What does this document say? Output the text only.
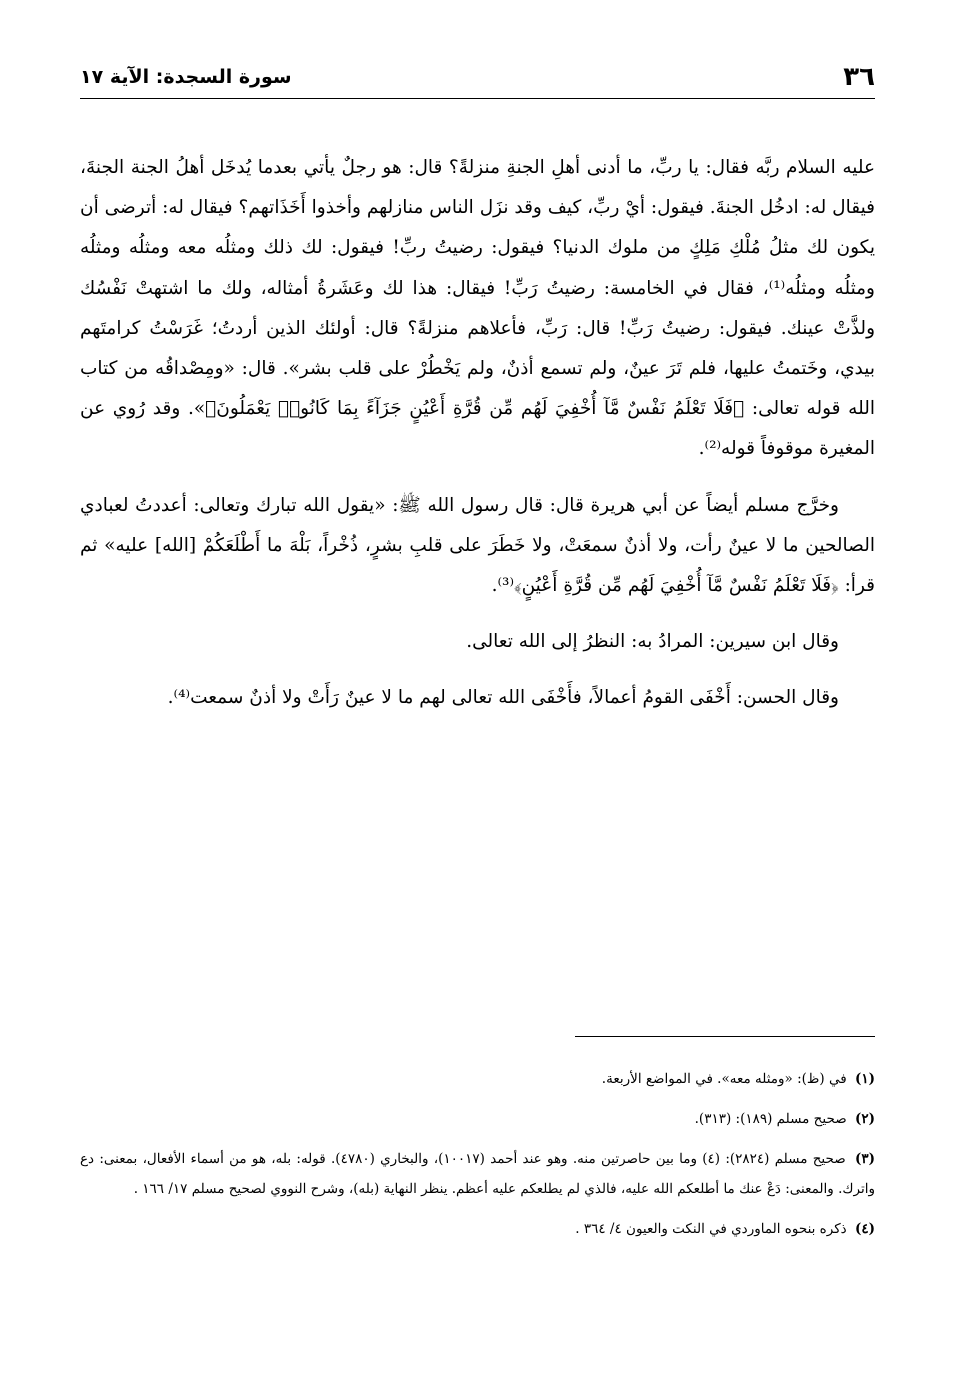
٣٦
سورة السجدة: الآية ١٧

عليه السلام ربَّه فقال: يا ربِّ، ما أدنى أهلِ الجنةِ منزلةً؟ قال: هو رجلٌ يأتي بعدما يُدخَل أهلُ الجنة الجنةَ، فيقال له: ادخُل الجنةَ. فيقول: أيْ ربِّ، كيف وقد نزَل الناس منازلهم وأخذوا أَخَذَاتهم؟ فيقال له: أترضى أن يكون لك مثلُ مُلْكِ مَلِكٍ من ملوك الدنيا؟ فيقول: رضيتُ ربِّ! فيقول: لك ذلك ومثلُه معه ومثلُه ومثلُه ومثلُه ومثلُه⁽¹⁾، فقال في الخامسة: رضيتُ رَبِّ! فيقال: هذا لك وعَشَرةُ أمثاله، ولك ما اشتهتْ نَفْسُك ولذَّتْ عينك. فيقول: رضيتُ رَبِّ! قال: رَبِّ، فأعلاهم منزلةً؟ قال: أولئك الذين أردتُ؛ غَرَسْتُ كرامتَهم بيدي، وخَتمتُ عليها، فلم تَرَ عينٌ، ولم تسمع أذنٌ، ولم يَخْطُرْ على قلب بشر». قال: «ومِصْداقُه من كتاب الله قوله تعالى: ﴿فَلَا تَعْلَمُ نَفْسٌ مَّآ أُخْفِيَ لَهُم مِّن قُرَّةِ أَعْيُنٍ جَزَآءً بِمَا كَانُوا۟ يَعْمَلُونَ﴾». وقد رُوي عن المغيرة موقوفاً قوله⁽²⁾.

وخرَّج مسلم أيضاً عن أبي هريرة قال: قال رسول الله ﷺ: «يقول الله تبارك وتعالى: أعددتُ لعبادي الصالحين ما لا عينٌ رأت، ولا أذنٌ سمعَتْ، ولا خَطَرَ على قلبِ بشرٍ، ذُخْراً، بَلْهَ ما أَطْلَعَكُمْ [الله] عليه» ثم قرأ: ﴿فَلَا تَعْلَمُ نَفْسٌ مَّآ أُخْفِيَ لَهُم مِّن قُرَّةِ أَعْيُنٍ﴾⁽³⁾.

وقال ابن سيرين: المرادُ به: النظرُ إلى الله تعالى.

وقال الحسن: أَخْفَى القومُ أعمالاً، فأَخْفَى الله تعالى لهم ما لا عينٌ رَأَتْ ولا أذنٌ سمعت⁽⁴⁾.

(١) في (ظ): «ومثله معه». في المواضع الأربعة.
(٢) صحيح مسلم (١٨٩): (٣١٣).
(٣) صحيح مسلم (٢٨٢٤): (٤) وما بين حاصرتين منه. وهو عند أحمد (١٠٠١٧)، والبخاري (٤٧٨٠). قوله: بله، هو من أسماء الأفعال، بمعنى: دع واترك. والمعنى: دَعْ عنك ما أطلعكم الله عليه، فالذي لم يطلعكم عليه أعظم. ينظر النهاية (بله)، وشرح النووي لصحيح مسلم ١٧/ ١٦٦ .
(٤) ذكره بنحوه الماوردي في النكت والعيون ٤/ ٣٦٤ .
